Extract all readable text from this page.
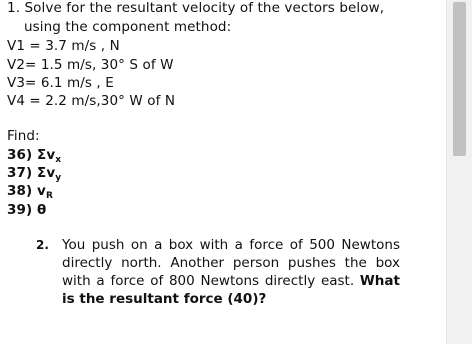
1. Solve for the resultant velocity of the vectors below,
using the component method:
V1 = 3.7 m/s , N
V2= 1.5 m/s, 30° S of W
V3= 6.1 m/s , E
V4 = 2.2 m/s,30° W of N
Find:
36) $\Sigma v_x$
37) $\Sigma v_y$
38) $v_R$
39) θ
2. You push on a box with a force of 500 Newtons directly north. Another person pushes the box with a force of 800 Newtons directly east. What is the resultant force (40)?
